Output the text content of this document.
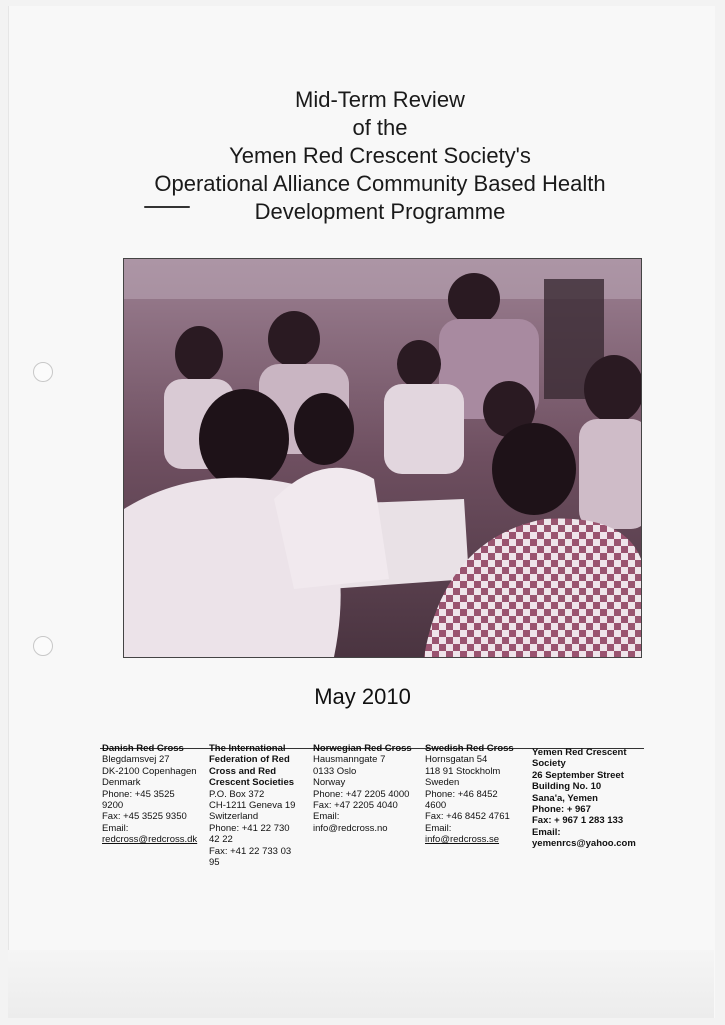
Mid-Term Review
of the
Yemen Red Crescent Society's
Operational Alliance Community Based Health
Development Programme
May 2010
Danish Red Cross
Blegdamsvej 27
DK-2100 Copenhagen
Denmark
Phone: +45 3525
9200
Fax: +45 3525 9350
Email:
redcross@redcross.dk
The International
Federation of Red
Cross and Red
Crescent Societies
P.O. Box 372
CH-1211 Geneva 19
Switzerland
Phone: +41 22 730
42 22
Fax: +41 22 733 03
95
Norwegian Red Cross
Hausmanngate 7
0133 Oslo
Norway
Phone: +47 2205 4000
Fax: +47 2205 4040
Email:
info@redcross.no
Swedish Red Cross
Hornsgatan 54
118 91 Stockholm
Sweden
Phone: +46 8452
4600
Fax: +46 8452 4761
Email:
info@redcross.se
Yemen Red Crescent
Society
26 September Street
Building No. 10
Sana'a, Yemen
Phone: + 967
Fax: + 967 1 283 133
Email:
yemenrcs@yahoo.com
